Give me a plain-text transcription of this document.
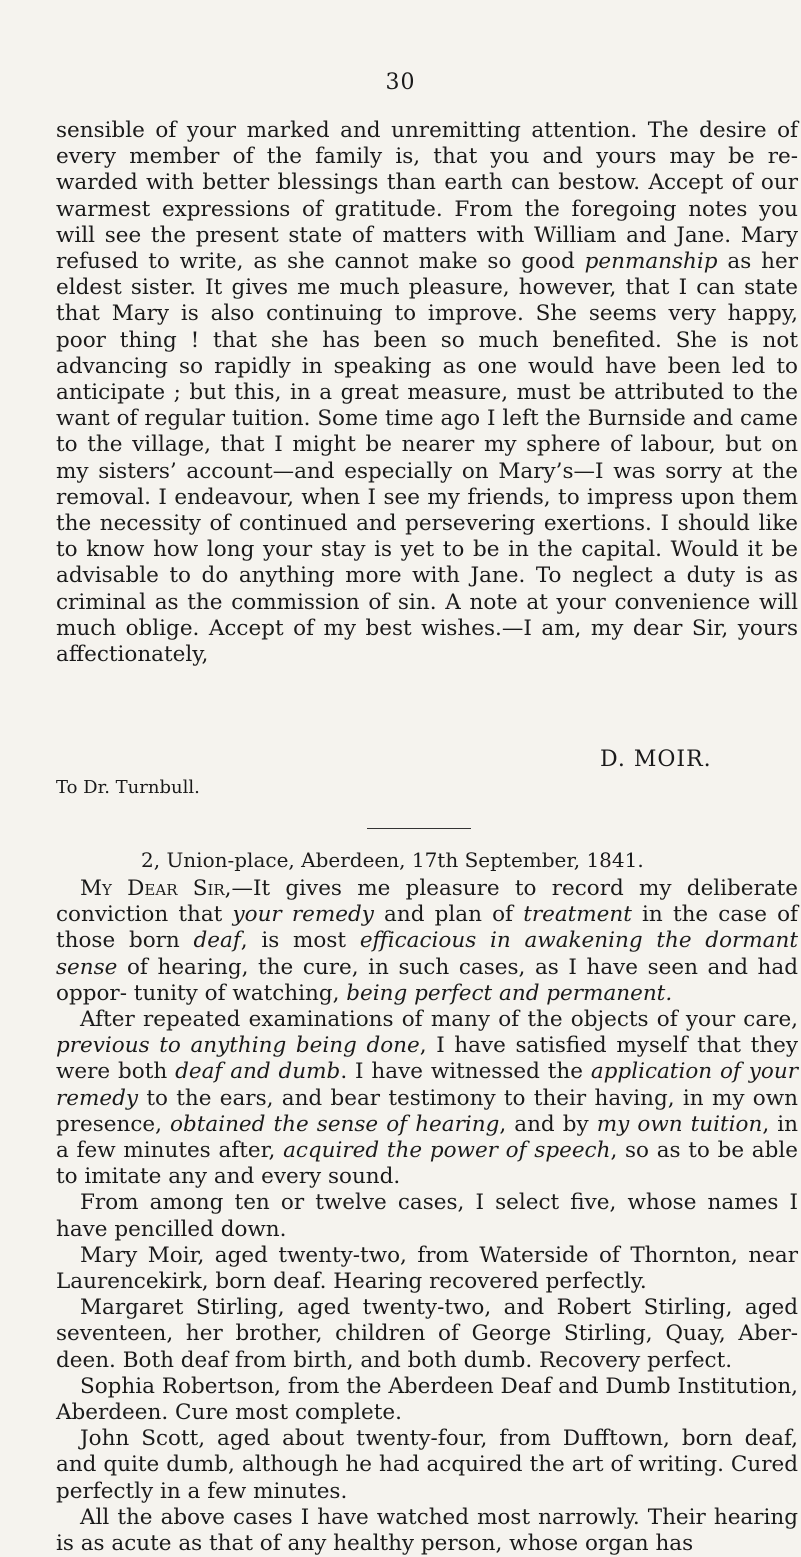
30

sensible of your marked and unremitting attention. The desire of every member of the family is, that you and yours may be re- warded with better blessings than earth can bestow. Accept of our warmest expressions of gratitude. From the foregoing notes you will see the present state of matters with William and Jane. Mary refused to write, as she cannot make so good penmanship as her eldest sister. It gives me much pleasure, however, that I can state that Mary is also continuing to improve. She seems very happy, poor thing ! that she has been so much benefited. She is not advancing so rapidly in speaking as one would have been led to anticipate ; but this, in a great measure, must be attributed to the want of regular tuition. Some time ago I left the Burnside and came to the village, that I might be nearer my sphere of labour, but on my sisters’ account—and especially on Mary’s—I was sorry at the removal. I endeavour, when I see my friends, to impress upon them the necessity of continued and persevering exertions. I should like to know how long your stay is yet to be in the capital. Would it be advisable to do anything more with Jane. To neglect a duty is as criminal as the commission of sin. A note at your convenience will much oblige. Accept of my best wishes.—I am, my dear Sir, yours affectionately,

D. MOIR.
To Dr. Turnbull.
2, Union-place, Aberdeen, 17th September, 1841.

My Dear Sir,—It gives me pleasure to record my deliberate conviction that your remedy and plan of treatment in the case of those born deaf, is most efficacious in awakening the dormant sense of hearing, the cure, in such cases, as I have seen and had oppor- tunity of watching, being perfect and permanent.

After repeated examinations of many of the objects of your care, previous to anything being done, I have satisfied myself that they were both deaf and dumb. I have witnessed the application of your remedy to the ears, and bear testimony to their having, in my own presence, obtained the sense of hearing, and by my own tuition, in a few minutes after, acquired the power of speech, so as to be able to imitate any and every sound.

From among ten or twelve cases, I select five, whose names I have pencilled down.

Mary Moir, aged twenty-two, from Waterside of Thornton, near Laurencekirk, born deaf. Hearing recovered perfectly.

Margaret Stirling, aged twenty-two, and Robert Stirling, aged seventeen, her brother, children of George Stirling, Quay, Aber- deen. Both deaf from birth, and both dumb. Recovery perfect.

Sophia Robertson, from the Aberdeen Deaf and Dumb Institution, Aberdeen. Cure most complete.

John Scott, aged about twenty-four, from Dufftown, born deaf, and quite dumb, although he had acquired the art of writing. Cured perfectly in a few minutes.

All the above cases I have watched most narrowly. Their hearing is as acute as that of any healthy person, whose organ has
